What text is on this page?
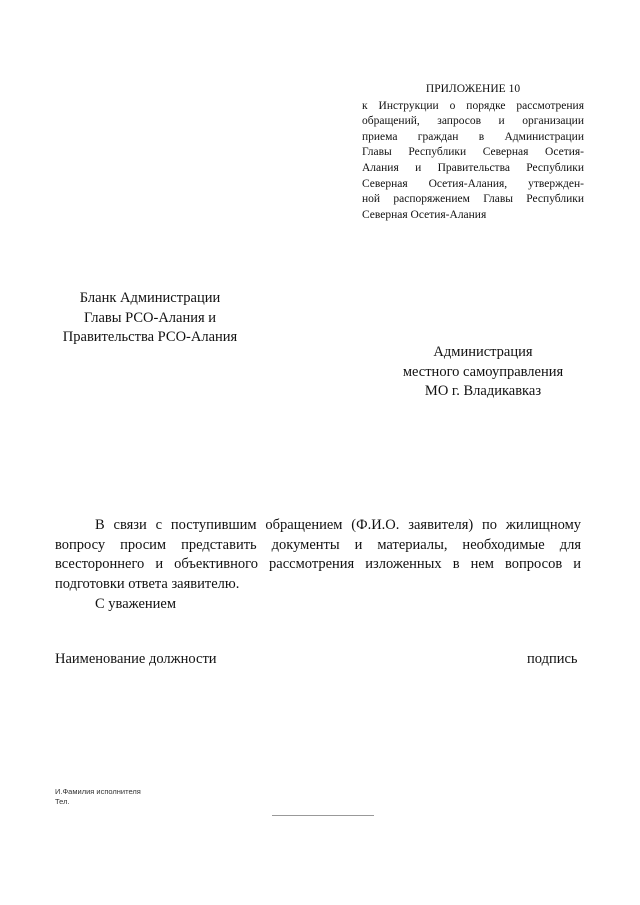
ПРИЛОЖЕНИЕ 10
к Инструкции о порядке рассмотрения
обращений, запросов и организации
приема граждан в Администрации
Главы Республики Северная Осетия-
Алания и Правительства Республики
Северная Осетия-Алания, утвержден-
ной распоряжением Главы Республики
Северная Осетия-Алания
Бланк Администрации
Главы РСО-Алания и
Правительства РСО-Алания
Администрация
местного самоуправления
МО г. Владикавказ
В связи с поступившим обращением (Ф.И.О. заявителя) по жилищному
вопросу просим представить документы и материалы, необходимые для
всестороннего и объективного рассмотрения изложенных в нем вопросов и
подготовки ответа заявителю.
С уважением
Наименование должности	подпись
И.Фамилия исполнителя
Тел.
